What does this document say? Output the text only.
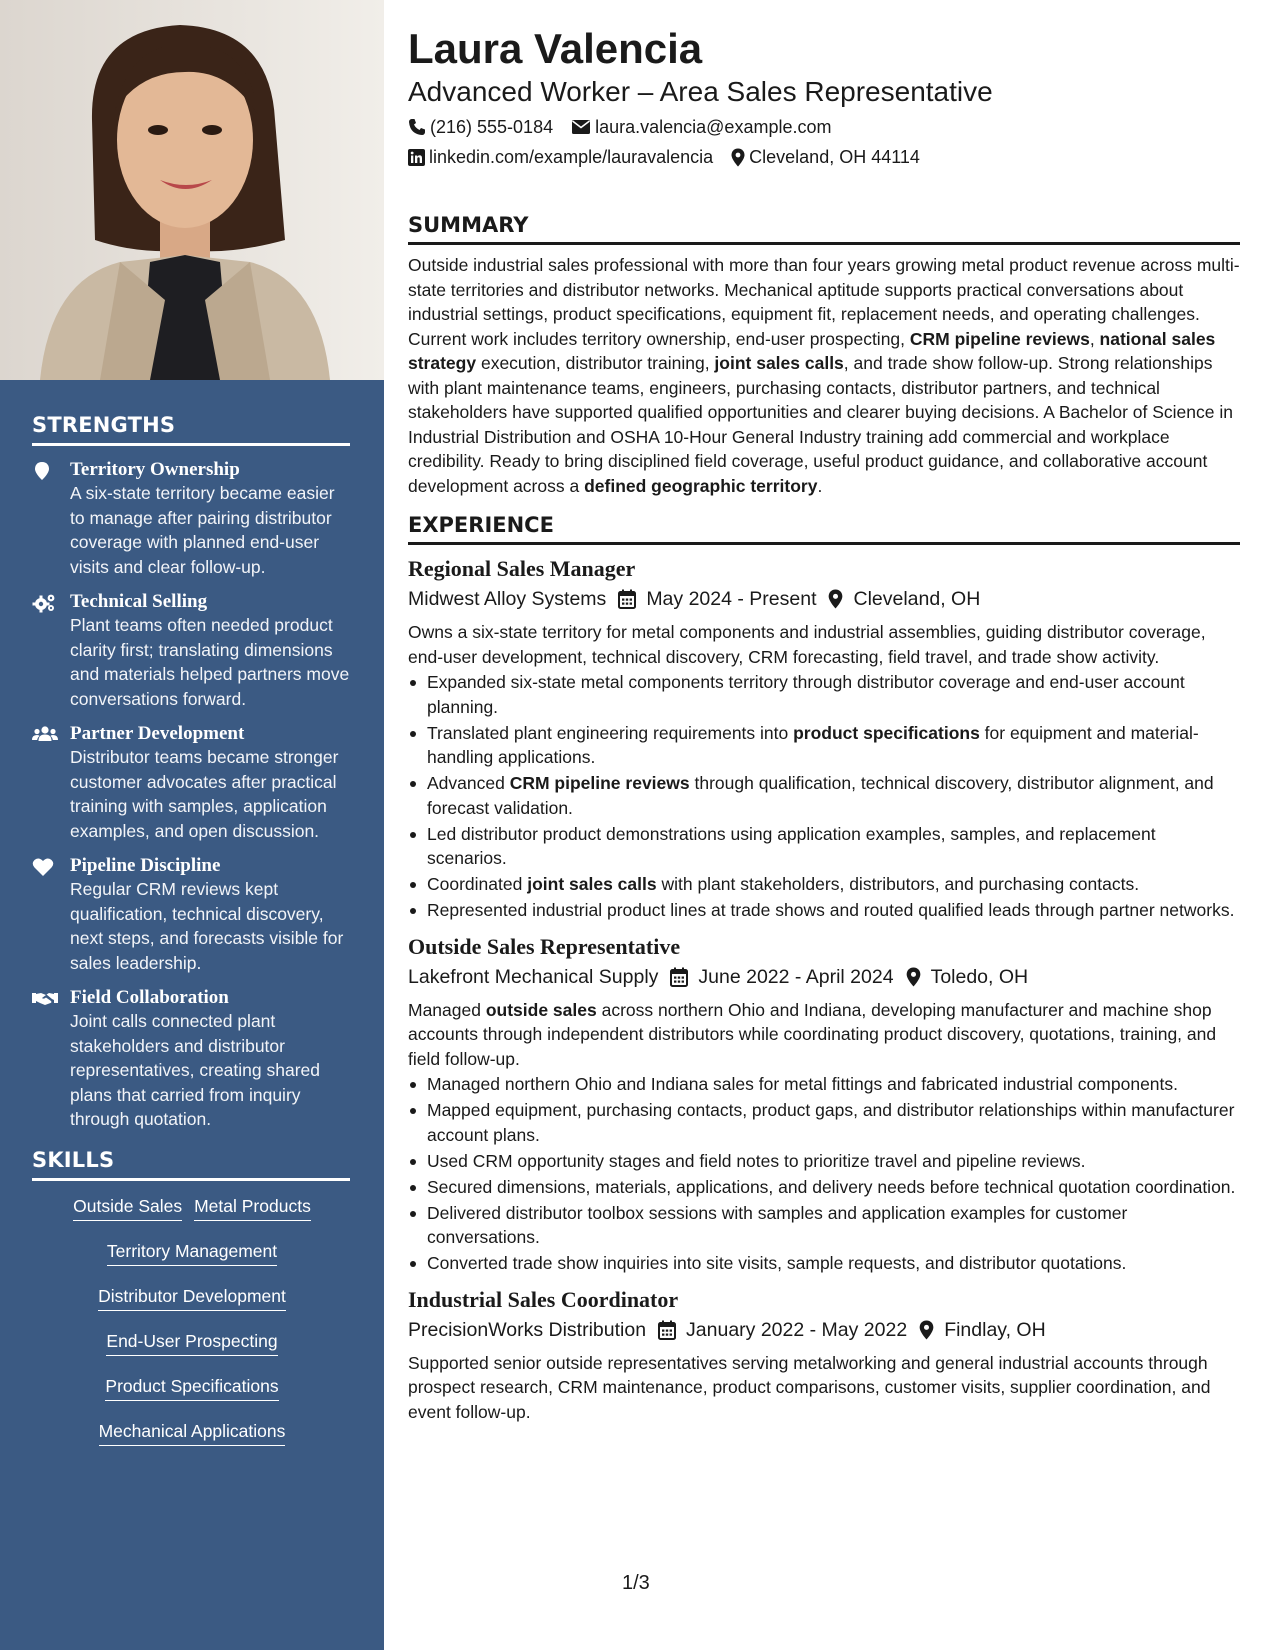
STRENGTHS
Territory Ownership
A six-state territory became easier to manage after pairing distributor coverage with planned end-user visits and clear follow-up.
Technical Selling
Plant teams often needed product clarity first; translating dimensions and materials helped partners move conversations forward.
Partner Development
Distributor teams became stronger customer advocates after practical training with samples, application examples, and open discussion.
Pipeline Discipline
Regular CRM reviews kept qualification, technical discovery, next steps, and forecasts visible for sales leadership.
Field Collaboration
Joint calls connected plant stakeholders and distributor representatives, creating shared plans that carried from inquiry through quotation.
SKILLS
Outside Sales Metal Products
Territory Management
Distributor Development
End-User Prospecting
Product Specifications
Mechanical Applications
Laura Valencia
Advanced Worker – Area Sales Representative
(216) 555-0184 laura.valencia@example.com
linkedin.com/example/lauravalencia Cleveland, OH 44114
SUMMARY

Outside industrial sales professional with more than four years growing metal product revenue across multi-state territories and distributor networks. Mechanical aptitude supports practical conversations about industrial settings, product specifications, equipment fit, replacement needs, and operating challenges. Current work includes territory ownership, end-user prospecting, CRM pipeline reviews, national sales strategy execution, distributor training, joint sales calls, and trade show follow-up. Strong relationships with plant maintenance teams, engineers, purchasing contacts, distributor partners, and technical stakeholders have supported qualified opportunities and clearer buying decisions. A Bachelor of Science in Industrial Distribution and OSHA 10-Hour General Industry training add commercial and workplace credibility. Ready to bring disciplined field coverage, useful product guidance, and collaborative account development across a defined geographic territory.

EXPERIENCE
Regional Sales Manager
Midwest Alloy Systems May 2024 - Present Cleveland, OH

Owns a six-state territory for metal components and industrial assemblies, guiding distributor coverage, end-user development, technical discovery, CRM forecasting, field travel, and trade show activity.

Expanded six-state metal components territory through distributor coverage and end-user account planning.
Translated plant engineering requirements into product specifications for equipment and material-handling applications.
Advanced CRM pipeline reviews through qualification, technical discovery, distributor alignment, and forecast validation.
Led distributor product demonstrations using application examples, samples, and replacement scenarios.
Coordinated joint sales calls with plant stakeholders, distributors, and purchasing contacts.
Represented industrial product lines at trade shows and routed qualified leads through partner networks.
Outside Sales Representative
Lakefront Mechanical Supply June 2022 - April 2024 Toledo, OH

Managed outside sales across northern Ohio and Indiana, developing manufacturer and machine shop accounts through independent distributors while coordinating product discovery, quotations, training, and field follow-up.

Managed northern Ohio and Indiana sales for metal fittings and fabricated industrial components.
Mapped equipment, purchasing contacts, product gaps, and distributor relationships within manufacturer account plans.
Used CRM opportunity stages and field notes to prioritize travel and pipeline reviews.
Secured dimensions, materials, applications, and delivery needs before technical quotation coordination.
Delivered distributor toolbox sessions with samples and application examples for customer conversations.
Converted trade show inquiries into site visits, sample requests, and distributor quotations.
Industrial Sales Coordinator
PrecisionWorks Distribution January 2022 - May 2022 Findlay, OH

Supported senior outside representatives serving metalworking and general industrial accounts through prospect research, CRM maintenance, product comparisons, customer visits, supplier coordination, and event follow-up.

1/3
